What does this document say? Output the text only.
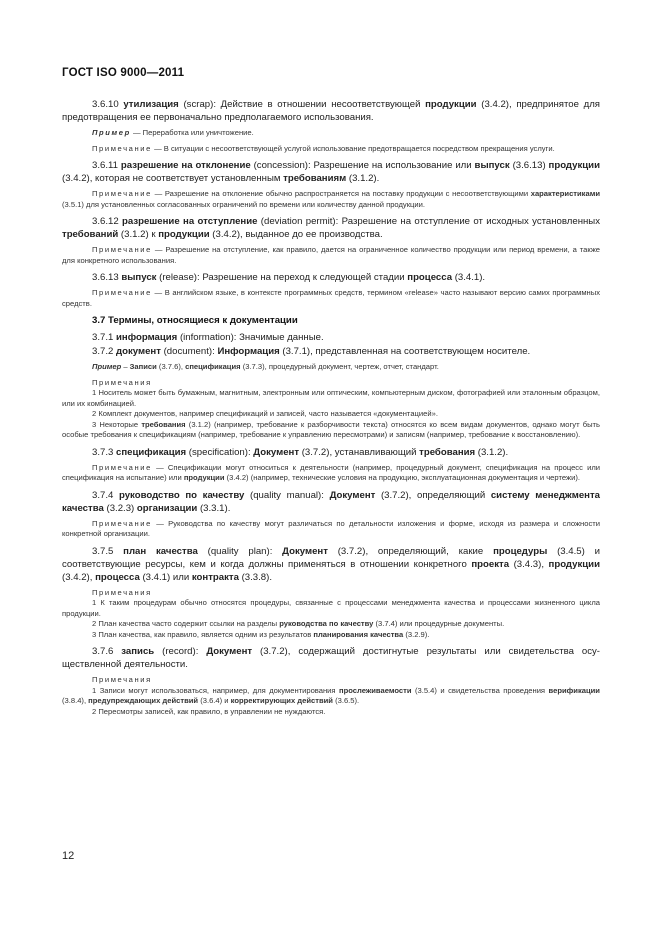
ГОСТ ISO 9000—2011

3.6.10 утилизация (scrap): Действие в отношении несоответствующей продукции (3.4.2), предпринятое для предотвращения ее первоначально предполагаемого использования.

Пример — Переработка или уничтожение.

Примечание — В ситуации с несоответствующей услугой использование предотвращается посредством прекращения услуги.

3.6.11 разрешение на отклонение (concession): Разрешение на использование или выпуск (3.6.13) продукции (3.4.2), которая не соответствует установленным требованиям (3.1.2).

Примечание — Разрешение на отклонение обычно распространяется на поставку продукции с несоответствующими характеристиками (3.5.1) для установленных согласованных ограничений по времени или количеству данной продукции.

3.6.12 разрешение на отступление (deviation permit): Разрешение на отступление от исходных установленных требований (3.1.2) к продукции (3.4.2), выданное до ее производства.

Примечание — Разрешение на отступление, как правило, дается на ограниченное количество продукции или период времени, а также для конкретного использования.

3.6.13 выпуск (release): Разрешение на переход к следующей стадии процесса (3.4.1).

Примечание — В английском языке, в контексте программных средств, термином «release» часто называют версию самих программных средств.

3.7 Термины, относящиеся к документации

3.7.1 информация (information): Значимые данные.

3.7.2 документ (document): Информация (3.7.1), представленная на соответствующем носителе.

Пример – Записи (3.7.6), спецификация (3.7.3), процедурный документ, чертеж, отчет, стандарт.

Примечания

1 Носитель может быть бумажным, магнитным, электронным или оптическим, компьютерным диском, фотографией или эталонным образцом, или их комбинацией.

2 Комплект документов, например спецификаций и записей, часто называется «документацией».

3 Некоторые требования (3.1.2) (например, требование к разборчивости текста) относятся ко всем видам документов, однако могут быть особые требования к спецификациям (например, требование к управлению пересмотрами) и записям (например, требование к восстановлению).

3.7.3 спецификация (specification): Документ (3.7.2), устанавливающий требования (3.1.2).

Примечание — Спецификации могут относиться к деятельности (например, процедурный документ, спецификация на процесс или спецификация на испытание) или продукции (3.4.2) (например, технические условия на продукцию, эксплуатационная документация и чертежи).

3.7.4 руководство по качеству (quality manual): Документ (3.7.2), определяющий систему менеджмента качества (3.2.3) организации (3.3.1).

Примечание — Руководства по качеству могут различаться по детальности изложения и форме, исходя из размера и сложности конкретной организации.

3.7.5 план качества (quality plan): Документ (3.7.2), определяющий, какие процедуры (3.4.5) и соответствующие ресурсы, кем и когда должны применяться в отношении конкретного проекта (3.4.3), продукции (3.4.2), процесса (3.4.1) или контракта (3.3.8).

Примечания

1 К таким процедурам обычно относятся процедуры, связанные с процессами менеджмента качества и процессами жизненного цикла продукции.

2 План качества часто содержит ссылки на разделы руководства по качеству (3.7.4) или процедурные документы.

3 План качества, как правило, является одним из результатов планирования качества (3.2.9).

3.7.6 запись (record): Документ (3.7.2), содержащий достигнутые результаты или свидетельства осуществленной деятельности.

Примечания

1 Записи могут использоваться, например, для документирования прослеживаемости (3.5.4) и свидетельства проведения верификации (3.8.4), предупреждающих действий (3.6.4) и корректирующих действий (3.6.5).

2 Пересмотры записей, как правило, в управлении не нуждаются.

12
